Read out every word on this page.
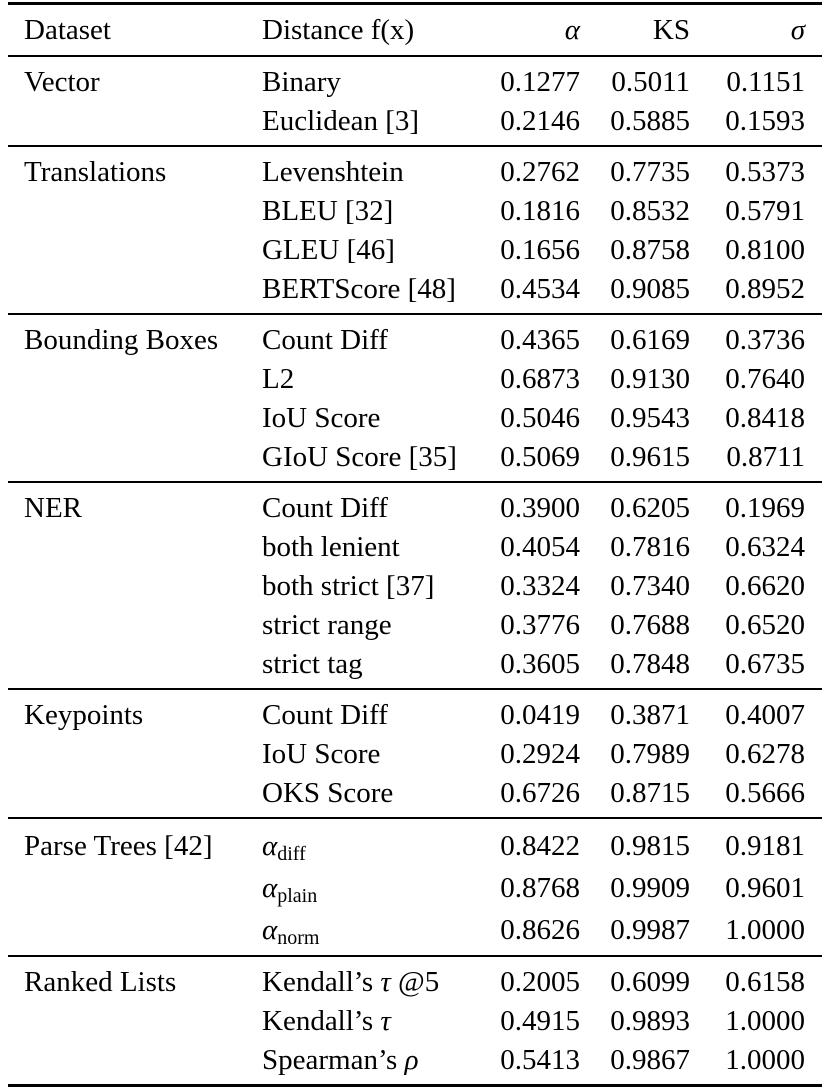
Dataset	Distance f(x)	α	KS	σ
Vector	Binary	0.1277	0.5011	0.1151
	Euclidean [3]	0.2146	0.5885	0.1593
Translations	Levenshtein	0.2762	0.7735	0.5373
	BLEU [32]	0.1816	0.8532	0.5791
	GLEU [46]	0.1656	0.8758	0.8100
	BERTScore [48]	0.4534	0.9085	0.8952
Bounding Boxes	Count Diff	0.4365	0.6169	0.3736
	L2	0.6873	0.9130	0.7640
	IoU Score	0.5046	0.9543	0.8418
	GIoU Score [35]	0.5069	0.9615	0.8711
NER	Count Diff	0.3900	0.6205	0.1969
	both lenient	0.4054	0.7816	0.6324
	both strict [37]	0.3324	0.7340	0.6620
	strict range	0.3776	0.7688	0.6520
	strict tag	0.3605	0.7848	0.6735
Keypoints	Count Diff	0.0419	0.3871	0.4007
	IoU Score	0.2924	0.7989	0.6278
	OKS Score	0.6726	0.8715	0.5666
Parse Trees [42]	$\alpha_{diff}$	0.8422	0.9815	0.9181
	$\alpha_{plain}$	0.8768	0.9909	0.9601
	$\alpha_{norm}$	0.8626	0.9987	1.0000
Ranked Lists	Kendall’s τ @5	0.2005	0.6099	0.6158
	Kendall’s τ	0.4915	0.9893	1.0000
	Spearman’s ρ	0.5413	0.9867	1.0000
